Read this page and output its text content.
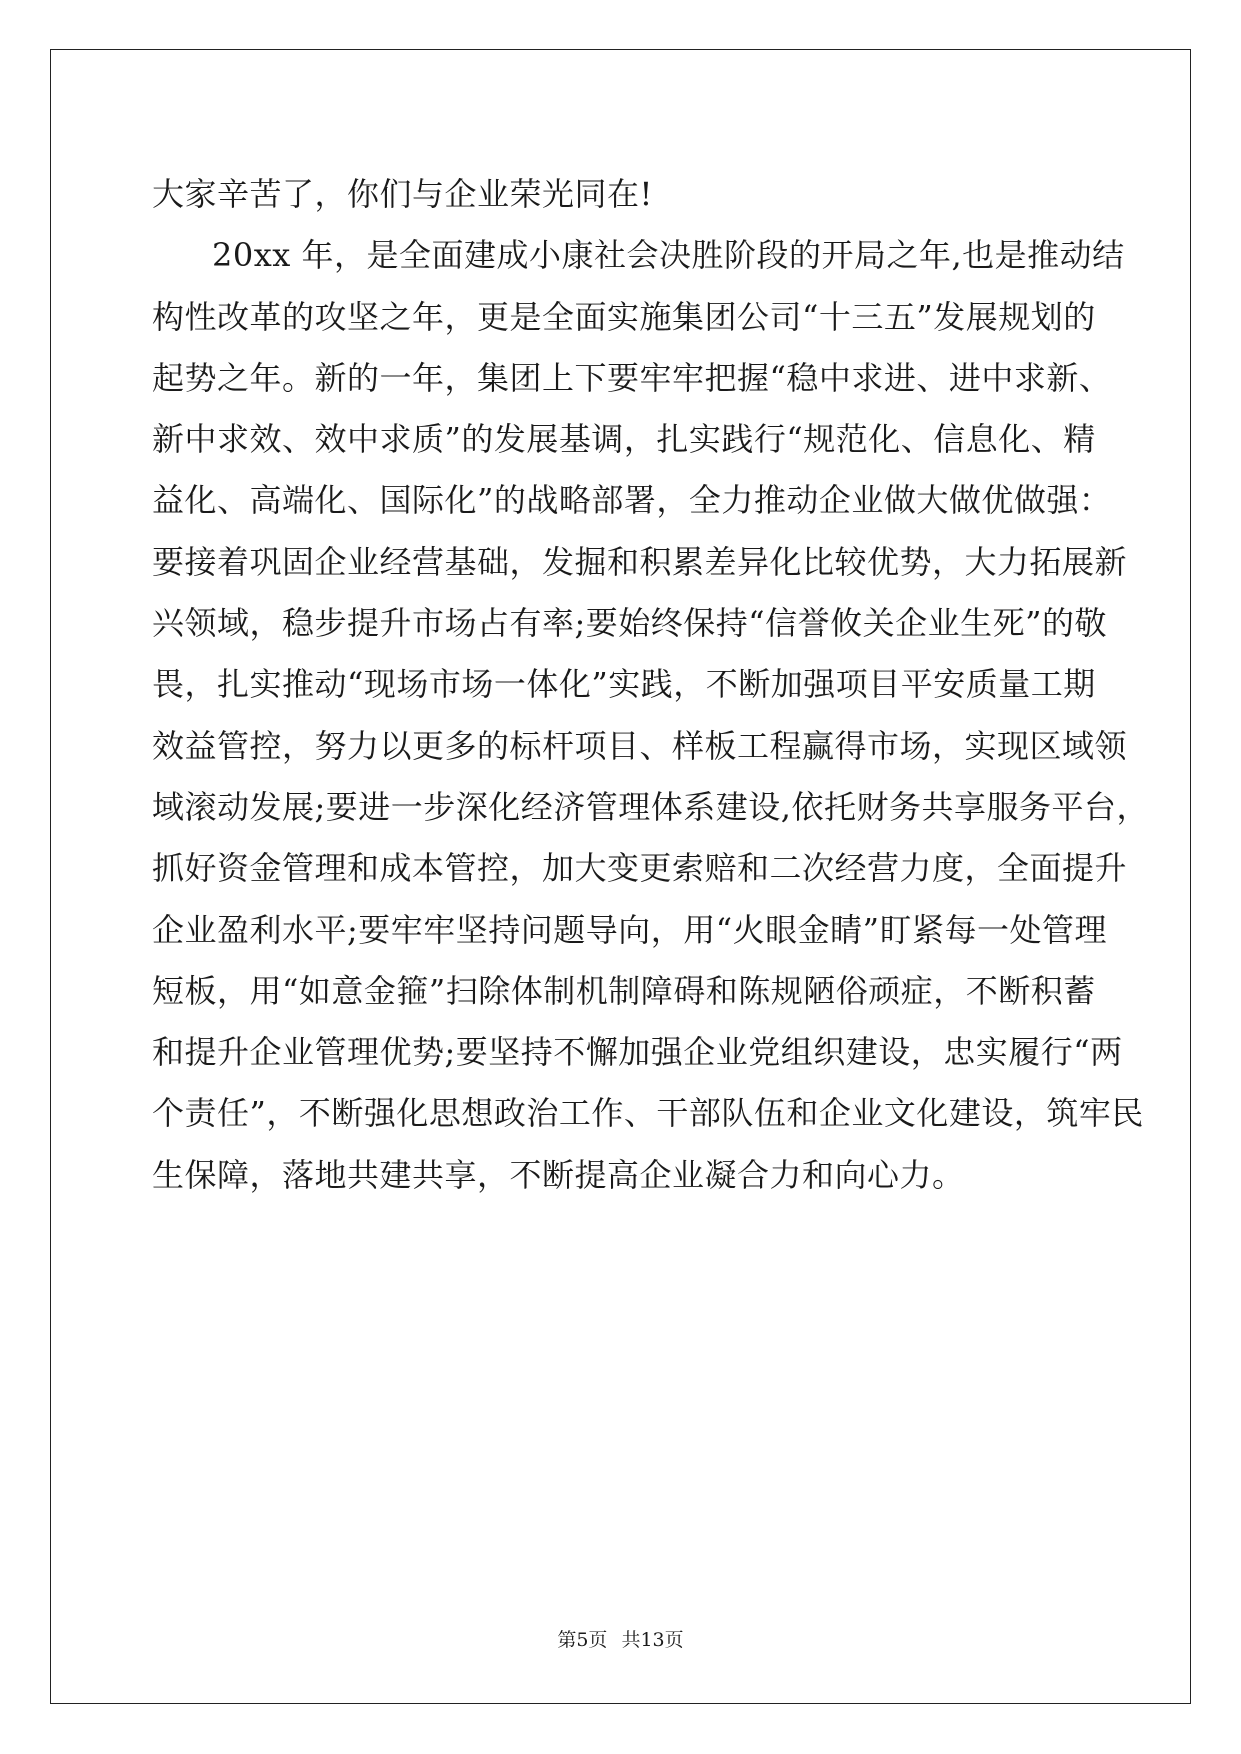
大家辛苦了，你们与企业荣光同在!
20xx 年，是全面建成小康社会决胜阶段的开局之年,也是推动结
构性改革的攻坚之年，更是全面实施集团公司“十三五”发展规划的
起势之年。新的一年，集团上下要牢牢把握“稳中求进、进中求新、
新中求效、效中求质”的发展基调，扎实践行“规范化、信息化、精
益化、高端化、国际化”的战略部署，全力推动企业做大做优做强：
要接着巩固企业经营基础，发掘和积累差异化比较优势，大力拓展新
兴领域，稳步提升市场占有率;要始终保持“信誉攸关企业生死”的敬
畏，扎实推动“现场市场一体化”实践，不断加强项目平安质量工期
效益管控，努力以更多的标杆项目、样板工程赢得市场，实现区域领
域滚动发展;要进一步深化经济管理体系建设,依托财务共享服务平台，
抓好资金管理和成本管控，加大变更索赔和二次经营力度，全面提升
企业盈利水平;要牢牢坚持问题导向，用“火眼金睛”盯紧每一处管理
短板，用“如意金箍”扫除体制机制障碍和陈规陋俗顽症，不断积蓄
和提升企业管理优势;要坚持不懈加强企业党组织建设，忠实履行“两
个责任”，不断强化思想政治工作、干部队伍和企业文化建设，筑牢民
生保障，落地共建共享，不断提高企业凝合力和向心力。
第5页 共13页
